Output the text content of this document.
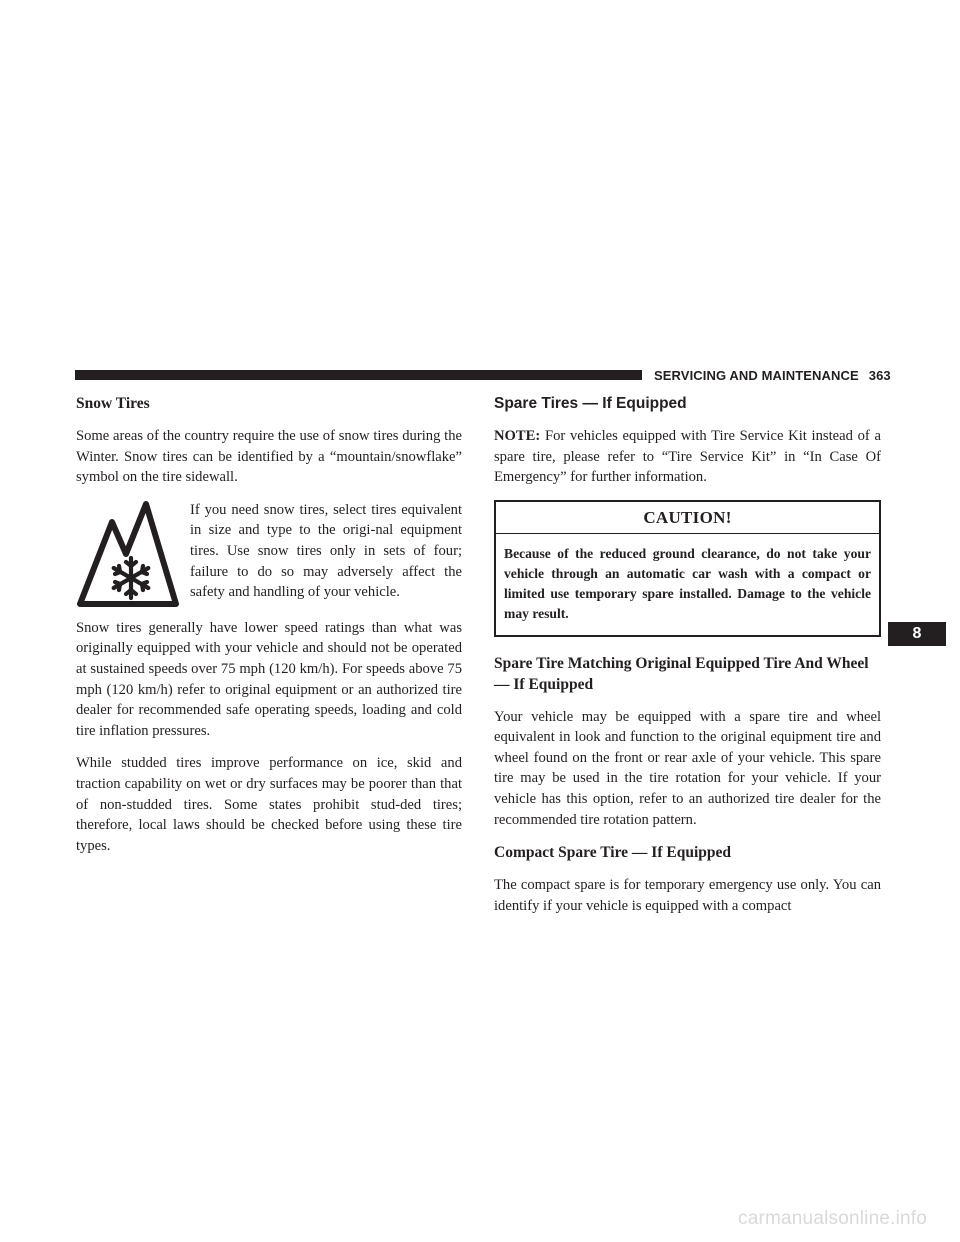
SERVICING AND MAINTENANCE 363
Snow Tires

Some areas of the country require the use of snow tires during the Winter. Snow tires can be identified by a “mountain/snowflake” symbol on the tire sidewall.

If you need snow tires, select tires equivalent in size and type to the origi-nal equipment tires. Use snow tires only in sets of four; failure to do so may adversely affect the safety and handling of your vehicle.

Snow tires generally have lower speed ratings than what was originally equipped with your vehicle and should not be operated at sustained speeds over 75 mph (120 km/h). For speeds above 75 mph (120 km/h) refer to original equipment or an authorized tire dealer for recommended safe operating speeds, loading and cold tire inflation pressures.

While studded tires improve performance on ice, skid and traction capability on wet or dry surfaces may be poorer than that of non-studded tires. Some states prohibit stud-ded tires; therefore, local laws should be checked before using these tire types.

Spare Tires — If Equipped

NOTE: For vehicles equipped with Tire Service Kit instead of a spare tire, please refer to “Tire Service Kit” in “In Case Of Emergency” for further information.

CAUTION!
Because of the reduced ground clearance, do not take your vehicle through an automatic car wash with a compact or limited use temporary spare installed. Damage to the vehicle may result.
Spare Tire Matching Original Equipped Tire And Wheel — If Equipped

Your vehicle may be equipped with a spare tire and wheel equivalent in look and function to the original equipment tire and wheel found on the front or rear axle of your vehicle. This spare tire may be used in the tire rotation for your vehicle. If your vehicle has this option, refer to an authorized tire dealer for the recommended tire rotation pattern.

Compact Spare Tire — If Equipped

The compact spare is for temporary emergency use only. You can identify if your vehicle is equipped with a compact

8
carmanualsonline.info
